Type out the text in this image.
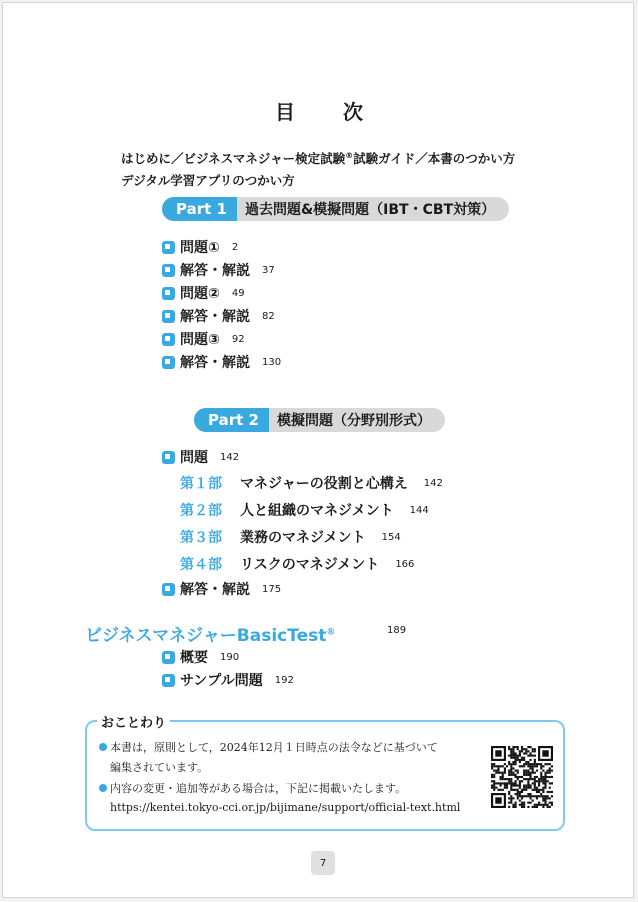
目　次
はじめに／ビジネスマネジャー検定試験®試験ガイド／本書のつかい方
デジタル学習アプリのつかい方
Part 1	過去問題&模擬問題（IBT・CBT対策）
問題① 2
解答・解説 37
問題② 49
解答・解説 82
問題③ 92
解答・解説 130
Part 2	模擬問題（分野別形式）
問題 142
第１部	マネジャーの役割と心構え 142
第２部	人と組織のマネジメント 144
第３部	業務のマネジメント 154
第４部	リスクのマネジメント 166
解答・解説 175
ビジネスマネジャーBasicTest®	189
概要 190
サンプル問題 192
おことわり
本書は，原則として，2024年12月１日時点の法令などに基づいて
編集されています。
内容の変更・追加等がある場合は，下記に掲載いたします。
https://kentei.tokyo-cci.or.jp/bijimane/support/official-text.html
7
